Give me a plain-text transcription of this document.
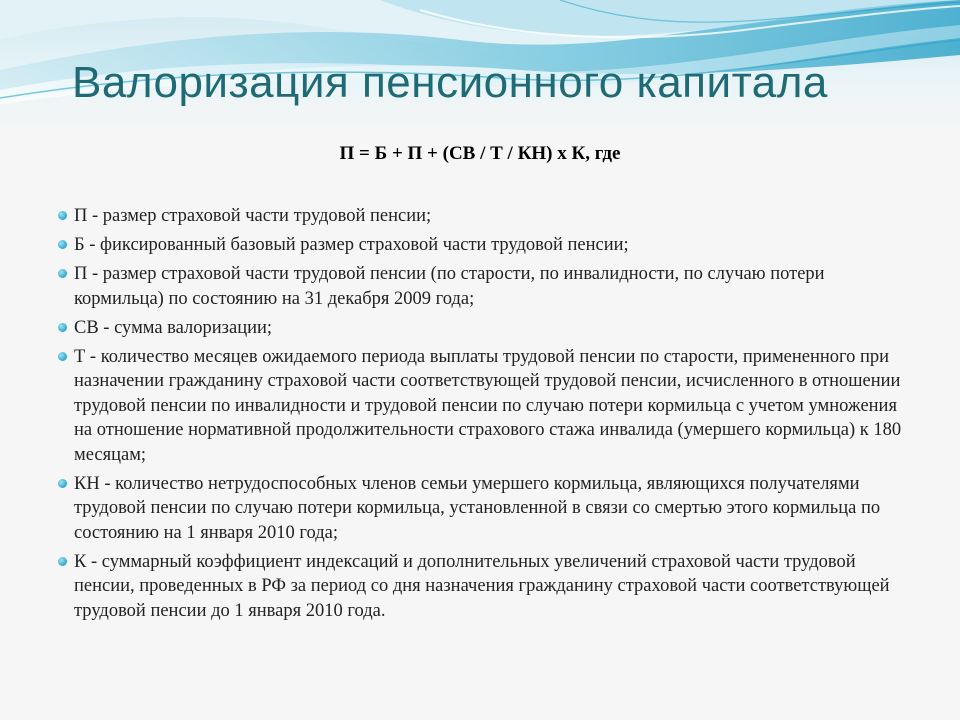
Валоризация пенсионного капитала
П = Б + П + (СВ / Т / КН) х К, где
П - размер страховой части трудовой пенсии;
Б - фиксированный базовый размер страховой части трудовой пенсии;
П - размер страховой части трудовой пенсии (по старости, по инвалидности, по случаю потери кормильца) по состоянию на 31 декабря 2009 года;
СВ - сумма валоризации;
Т - количество месяцев ожидаемого периода выплаты трудовой пенсии по старости, примененного при назначении гражданину страховой части соответствующей трудовой пенсии, исчисленного в отношении трудовой пенсии по инвалидности и трудовой пенсии по случаю потери кормильца с учетом умножения на отношение нормативной продолжительности страхового стажа инвалида (умершего кормильца) к 180 месяцам;
КН - количество нетрудоспособных членов семьи умершего кормильца, являющихся получателями трудовой пенсии по случаю потери кормильца, установленной в связи со смертью этого кормильца по состоянию на 1 января 2010 года;
К - суммарный коэффициент индексаций и дополнительных увеличений страховой части трудовой пенсии, проведенных в РФ за период со дня назначения гражданину страховой части соответствующей трудовой пенсии до 1 января 2010 года.
